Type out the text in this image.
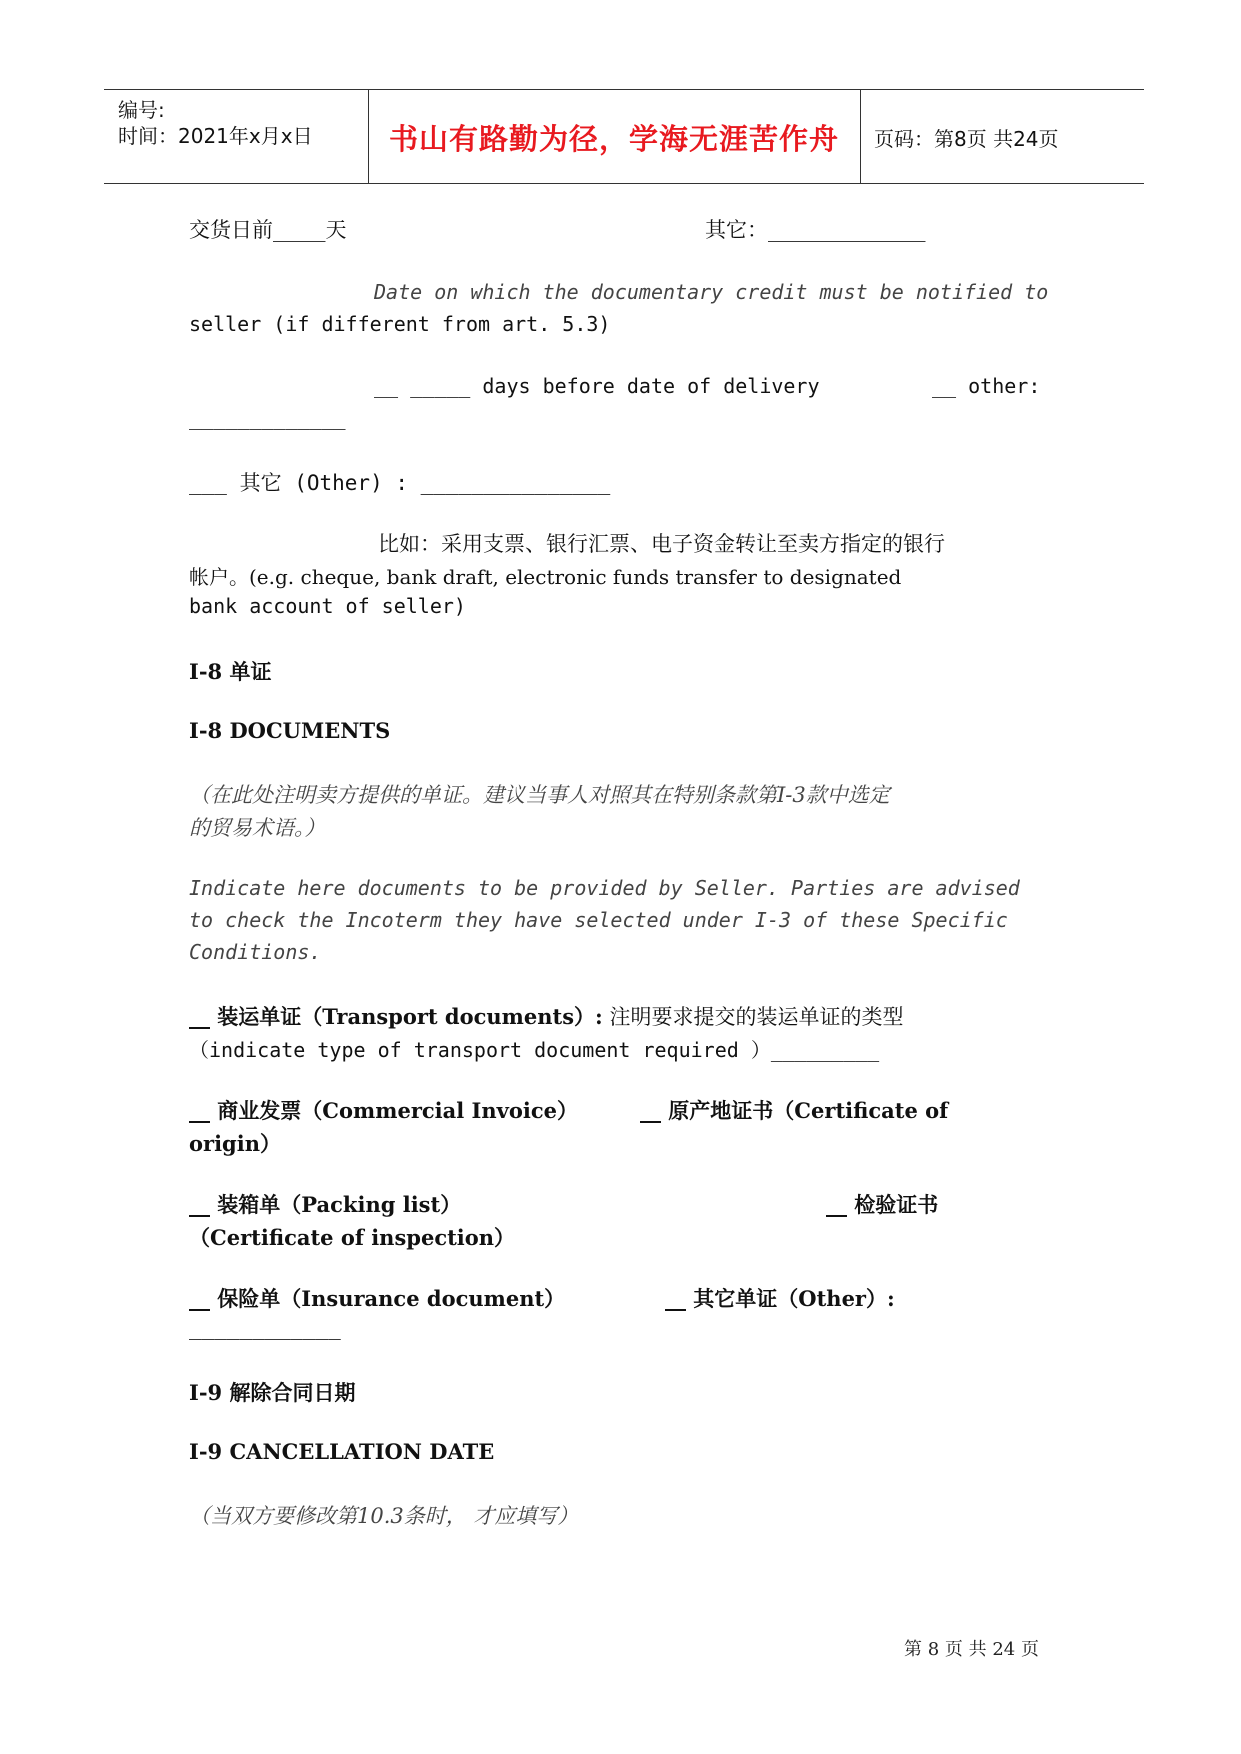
编号:
时间：2021年x月x日	书山有路勤为径，学海无涯苦作舟	页码：第8页 共24页
交货日前_____天	其它：_______________
Date on which the documentary credit must be notified to
seller (if different from art. 5.3)
__ _____ days before date of delivery	__ other:
_____________
___ 其它 (Other) : _______________
比如：采用支票、银行汇票、电子资金转让至卖方指定的银行
帐户。(e.g. cheque, bank draft, electronic funds transfer to designated
bank account of seller)
I-8 单证
I-8 DOCUMENTS
（在此处注明卖方提供的单证。建议当事人对照其在特别条款第I-3款中选定
的贸易术语。）
Indicate here documents to be provided by Seller. Parties are advised
to check the Incoterm they have selected under I-3 of these Specific
Conditions.
__ 装运单证（Transport documents）: 注明要求提交的装运单证的类型
（indicate type of transport document required ）_________
__ 商业发票（Commercial Invoice）	__ 原产地证书（Certificate of
origin）
__ 装箱单（Packing list）	__ 检验证书
（Certificate of inspection）
__ 保险单（Insurance document）	__ 其它单证（Other）:
____________
I-9 解除合同日期
I-9 CANCELLATION DATE
（当双方要修改第10.3条时， 才应填写）
第 8 页 共 24 页
